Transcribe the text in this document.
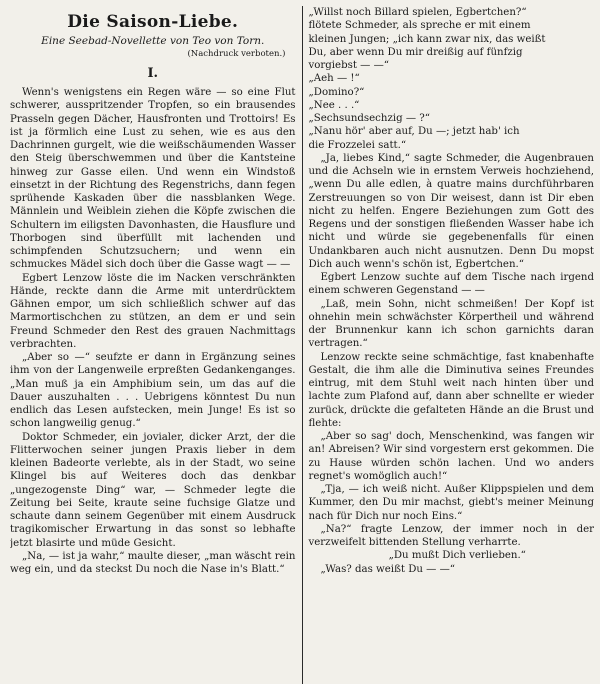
Die Saison-Liebe.
Eine Seebad-Novellette von Teo von Torn.
(Nachdruck verboten.)
I.

Wenn's wenigstens ein Regen wäre — so eine Flut schwerer, ausspritzender Tropfen, so ein brausendes Prasseln gegen Dächer, Hausfronten und Trottoirs! Es ist ja förmlich eine Lust zu sehen, wie es aus den Dachrinnen gurgelt, wie die weißschäumenden Wasser den Steig überschwemmen und über die Kantsteine hinweg zur Gasse eilen. Und wenn ein Windstoß einsetzt in der Richtung des Regenstrichs, dann fegen sprühende Kaskaden über die nassblanken Wege. Männlein und Weiblein ziehen die Köpfe zwischen die Schultern im eiligsten Davonhasten, die Hausflure und Thorbogen sind überfüllt mit lachenden und schimpfenden Schutzsuchern; und wenn ein schmuckes Mädel sich doch über die Gasse wagt — —

Egbert Lenzow löste die im Nacken verschränkten Hände, reckte dann die Arme mit unterdrücktem Gähnen empor, um sich schließlich schwer auf das Marmortischchen zu stützen, an dem er und sein Freund Schmeder den Rest des grauen Nachmittags verbrachten.

„Aber so —“ seufzte er dann in Ergänzung seines ihm von der Langenweile erpreßten Gedankenganges. „Man muß ja ein Amphibium sein, um das auf die Dauer auszuhalten . . . Uebrigens könntest Du nun endlich das Lesen aufstecken, mein Junge! Es ist so schon langweilig genug.“

Doktor Schmeder, ein jovialer, dicker Arzt, der die Flitterwochen seiner jungen Praxis lieber in dem kleinen Badeorte verlebte, als in der Stadt, wo seine Klingel bis auf Weiteres doch das denkbar „ungezogenste Ding“ war, — Schmeder legte die Zeitung bei Seite, kraute seine fuchsige Glatze und schaute dann seinem Gegenüber mit einem Ausdruck tragikomischer Erwartung in das sonst so lebhafte jetzt blasirte und müde Gesicht.

„Na, — ist ja wahr,“ maulte dieser, „man wäscht rein weg ein, und da steckst Du noch die Nase in's Blatt.“

„Willst noch Billard spielen, Egbertchen?“
flötete Schmeder, als spreche er mit einem
kleinen Jungen; „ich kann zwar nix, das weißt
Du, aber wenn Du mir dreißig auf fünfzig
vorgiebst — —“
„Aeh — !“
„Domino?“
„Nee . . .“
„Sechsundsechzig — ?“
„Nanu hör' aber auf, Du —; jetzt hab' ich
die Frozzelei satt.“

„Ja, liebes Kind,“ sagte Schmeder, die Augenbrauen und die Achseln wie in ernstem Verweis hochziehend, „wenn Du alle edlen, à quatre mains durchführbaren Zerstreuungen so von Dir weisest, dann ist Dir eben nicht zu helfen. Engere Beziehungen zum Gott des Regens und der sonstigen fließenden Wasser habe ich nicht und würde sie gegebenenfalls für einen Undankbaren auch nicht ausnutzen. Denn Du mopst Dich auch wenn's schön ist, Egbertchen.“

Egbert Lenzow suchte auf dem Tische nach irgend einem schweren Gegenstand — —

„Laß, mein Sohn, nicht schmeißen! Der Kopf ist ohnehin mein schwächster Körpertheil und während der Brunnenkur kann ich schon garnichts daran vertragen.“

Lenzow reckte seine schmächtige, fast knabenhafte Gestalt, die ihm alle die Diminutiva seines Freundes eintrug, mit dem Stuhl weit nach hinten über und lachte zum Plafond auf, dann aber schnellte er wieder zurück, drückte die gefalteten Hände an die Brust und flehte:

„Aber so sag' doch, Menschenkind, was fangen wir an! Abreisen? Wir sind vorgestern erst gekommen. Die zu Hause würden schön lachen. Und wo anders regnet's womöglich auch!“

„Tja, — ich weiß nicht. Außer Klippspielen und dem Kummer, den Du mir machst, giebt's meiner Meinung nach für Dich nur noch Eins.“

„Na?“ fragte Lenzow, der immer noch in der verzweifelt bittenden Stellung verharrte.

„Du mußt Dich verlieben.“

„Was? das weißt Du — —“
